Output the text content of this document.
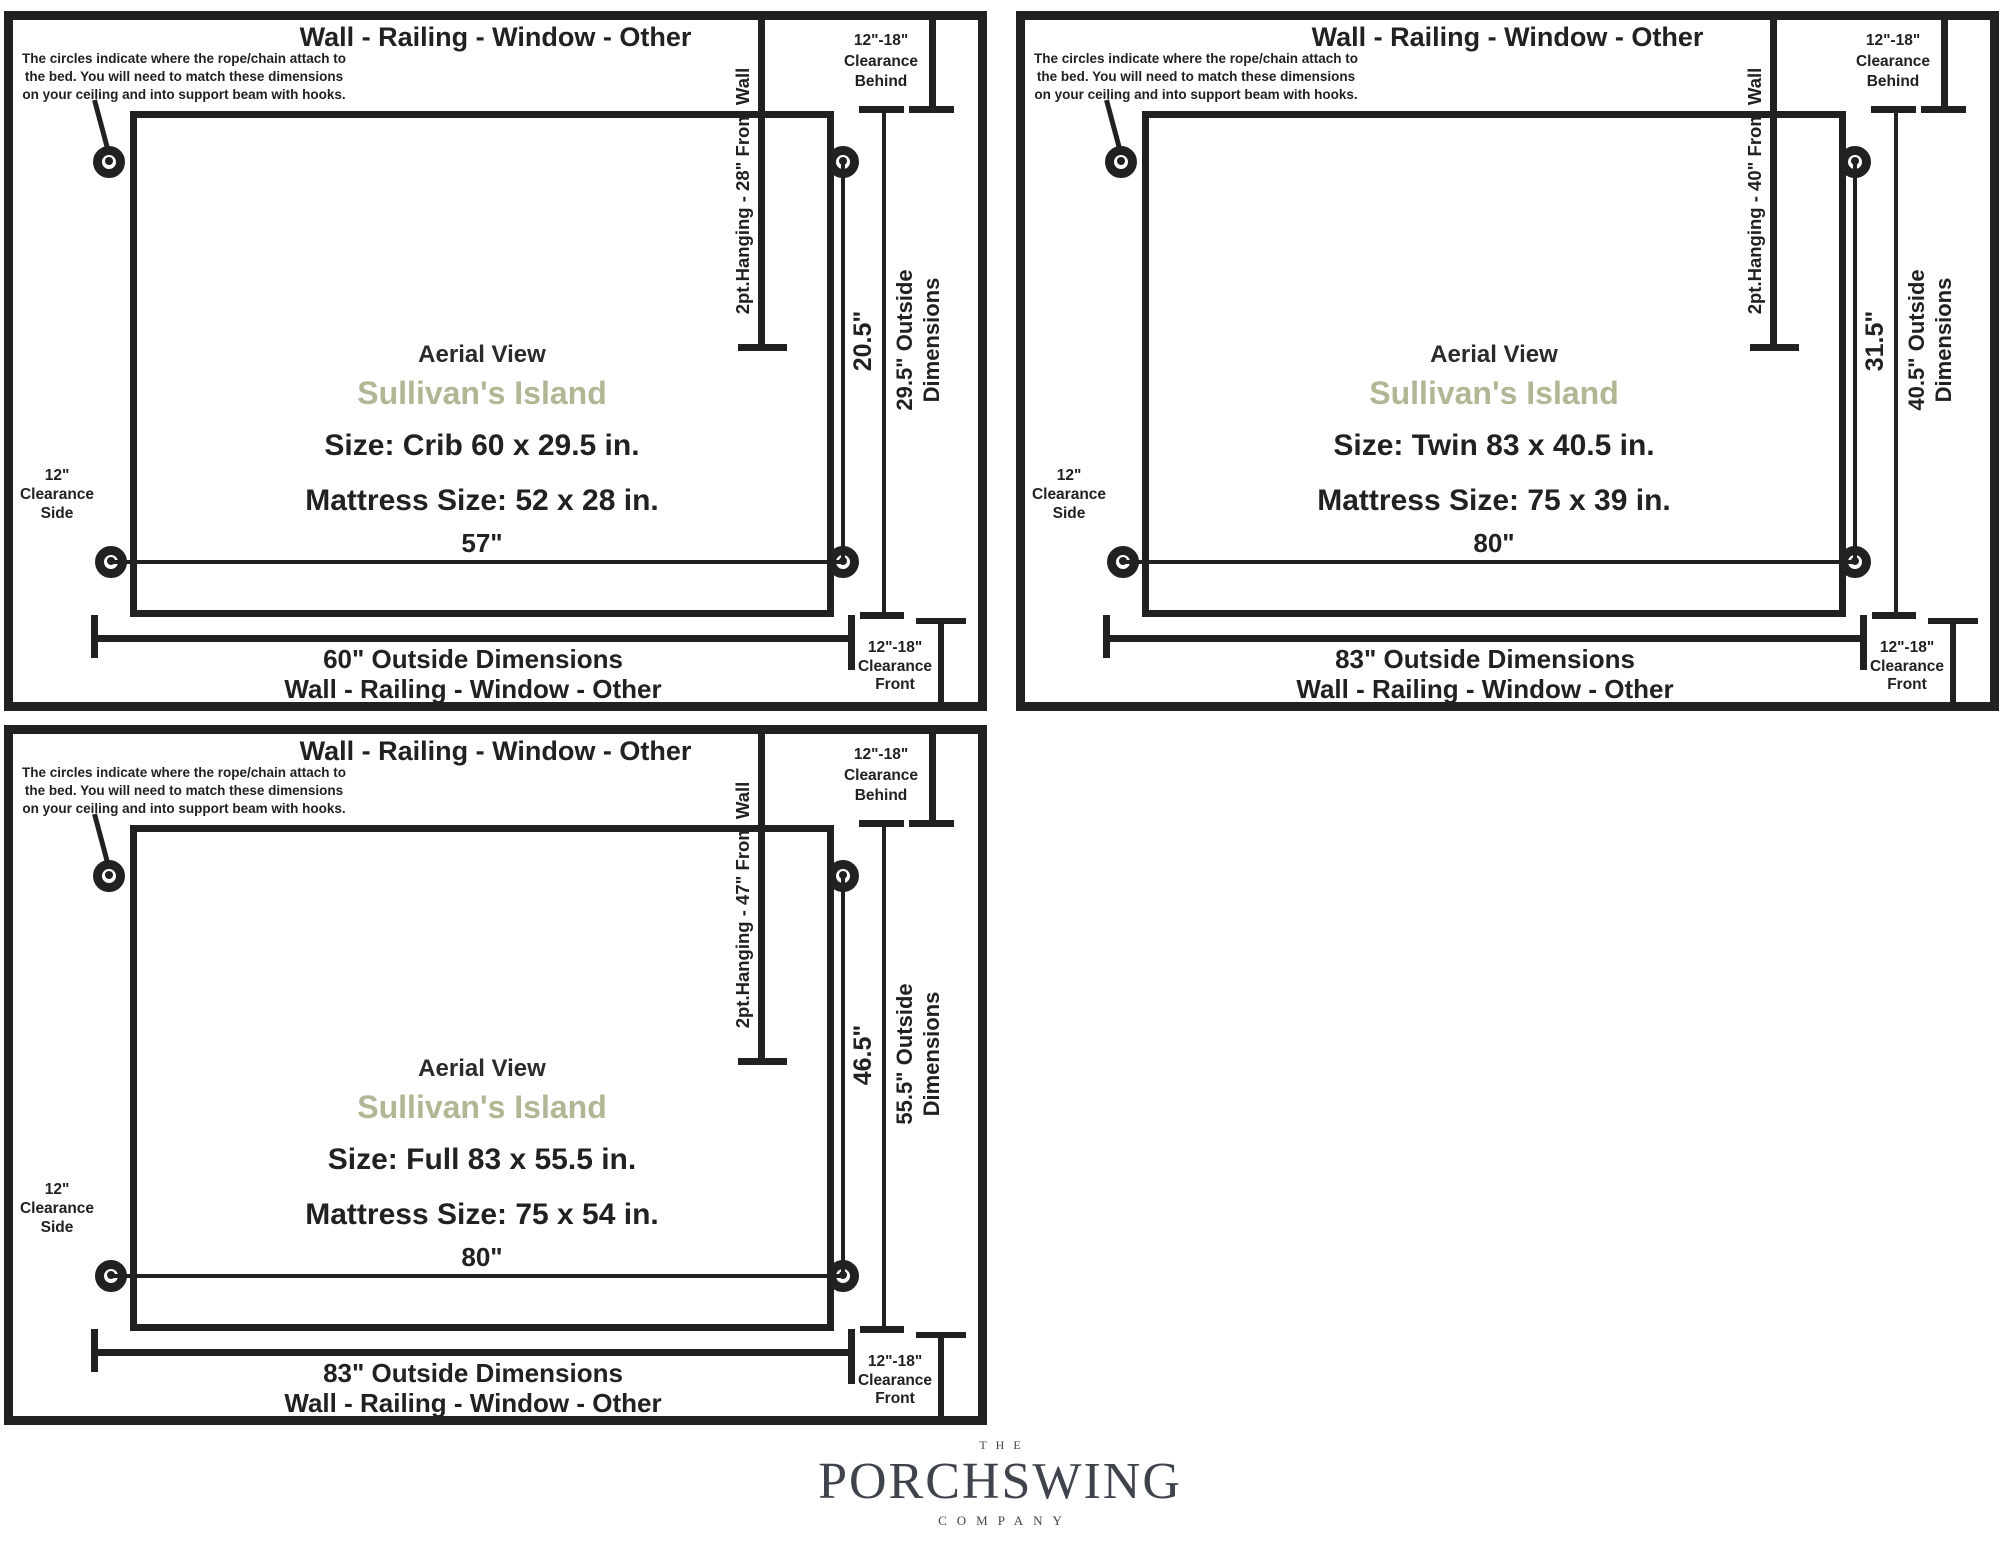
Wall - Railing - Window - Other
The circles indicate where the rope/chain attach to
the bed. You will need to match these dimensions
on your ceiling and into support beam with hooks.	2pt.Hanging - 28" From Wall
12"-18"
Clearance
Behind
12"
Clearance
Side
20.5" 29.5" Outside Dimensions
57"
60" Outside Dimensions
Wall - Railing - Window - Other
12"-18"
Clearance
Front
Aerial View
Sullivan's Island
Size: Crib 60 x 29.5 in.
Mattress Size: 52 x 28 in.
Wall - Railing - Window - Other
The circles indicate where the rope/chain attach to
the bed. You will need to match these dimensions
on your ceiling and into support beam with hooks.	2pt.Hanging - 40" From Wall
12"-18"
Clearance
Behind
12"
Clearance
Side
31.5" 40.5" Outside Dimensions
80"
83" Outside Dimensions
Wall - Railing - Window - Other
12"-18"
Clearance
Front
Aerial View
Sullivan's Island
Size: Twin 83 x 40.5 in.
Mattress Size: 75 x 39 in.
Wall - Railing - Window - Other
The circles indicate where the rope/chain attach to
the bed. You will need to match these dimensions
on your ceiling and into support beam with hooks.	2pt.Hanging - 47" From Wall
12"-18"
Clearance
Behind
12"
Clearance
Side
46.5" 55.5" Outside Dimensions
80"
83" Outside Dimensions
Wall - Railing - Window - Other
12"-18"
Clearance
Front
Aerial View
Sullivan's Island
Size: Full 83 x 55.5 in.
Mattress Size: 75 x 54 in.
THE
PORCHSWING
COMPANY
